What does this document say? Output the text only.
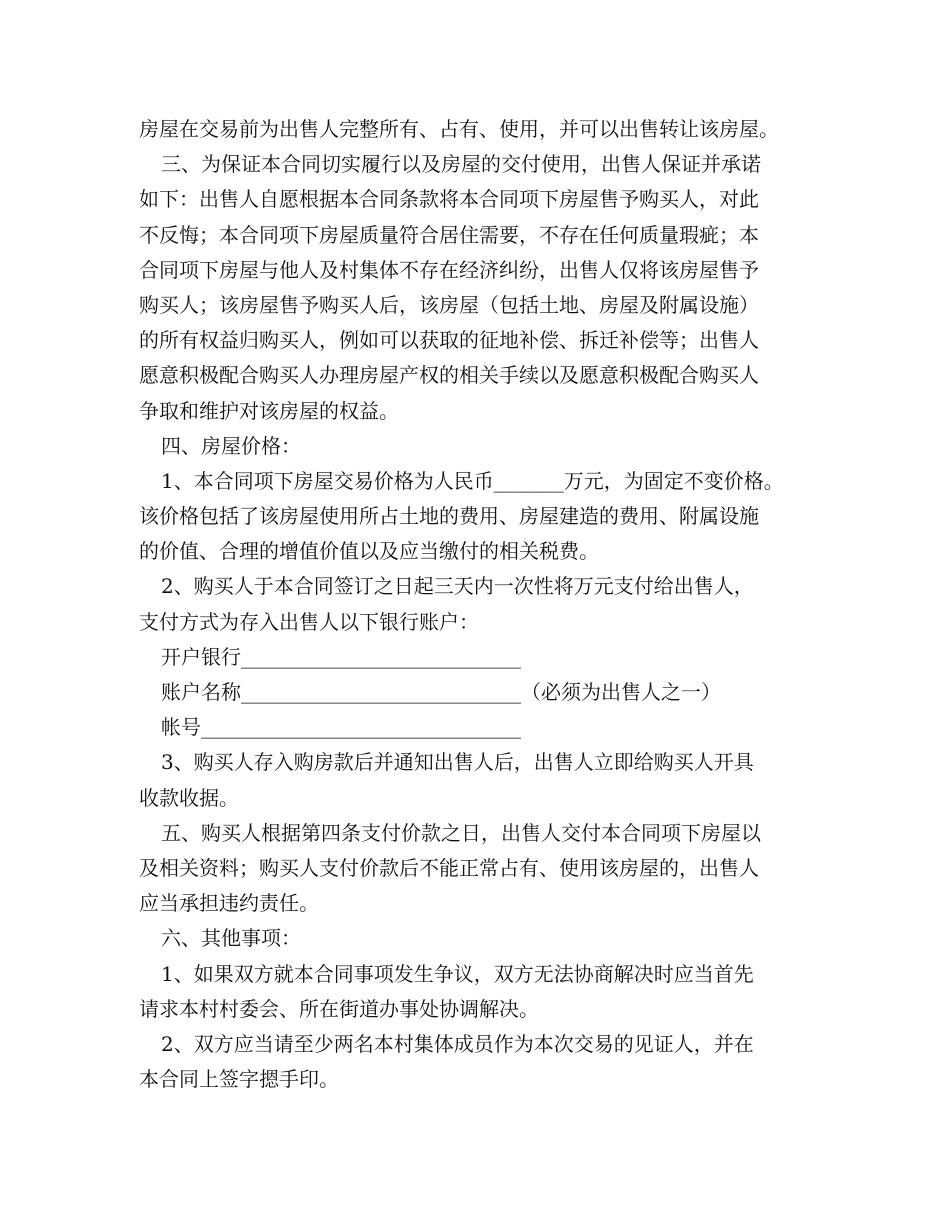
房屋在交易前为出售人完整所有、占有、使用，并可以出售转让该房屋。
三、为保证本合同切实履行以及房屋的交付使用，出售人保证并承诺
如下：出售人自愿根据本合同条款将本合同项下房屋售予购买人，对此
不反悔；本合同项下房屋质量符合居住需要，不存在任何质量瑕疵；本
合同项下房屋与他人及村集体不存在经济纠纷，出售人仅将该房屋售予
购买人；该房屋售予购买人后，该房屋（包括土地、房屋及附属设施）
的所有权益归购买人，例如可以获取的征地补偿、拆迁补偿等；出售人
愿意积极配合购买人办理房屋产权的相关手续以及愿意积极配合购买人
争取和维护对该房屋的权益。
四、房屋价格：
1、本合同项下房屋交易价格为人民币_______万元，为固定不变价格。
该价格包括了该房屋使用所占土地的费用、房屋建造的费用、附属设施
的价值、合理的增值价值以及应当缴付的相关税费。
2、购买人于本合同签订之日起三天内一次性将万元支付给出售人，
支付方式为存入出售人以下银行账户：
开户银行____________________________
账户名称____________________________（必须为出售人之一）
帐号________________________________
3、购买人存入购房款后并通知出售人后，出售人立即给购买人开具
收款收据。
五、购买人根据第四条支付价款之日，出售人交付本合同项下房屋以
及相关资料；购买人支付价款后不能正常占有、使用该房屋的，出售人
应当承担违约责任。
六、其他事项：
1、如果双方就本合同事项发生争议，双方无法协商解决时应当首先
请求本村村委会、所在街道办事处协调解决。
2、双方应当请至少两名本村集体成员作为本次交易的见证人，并在
本合同上签字摁手印。
